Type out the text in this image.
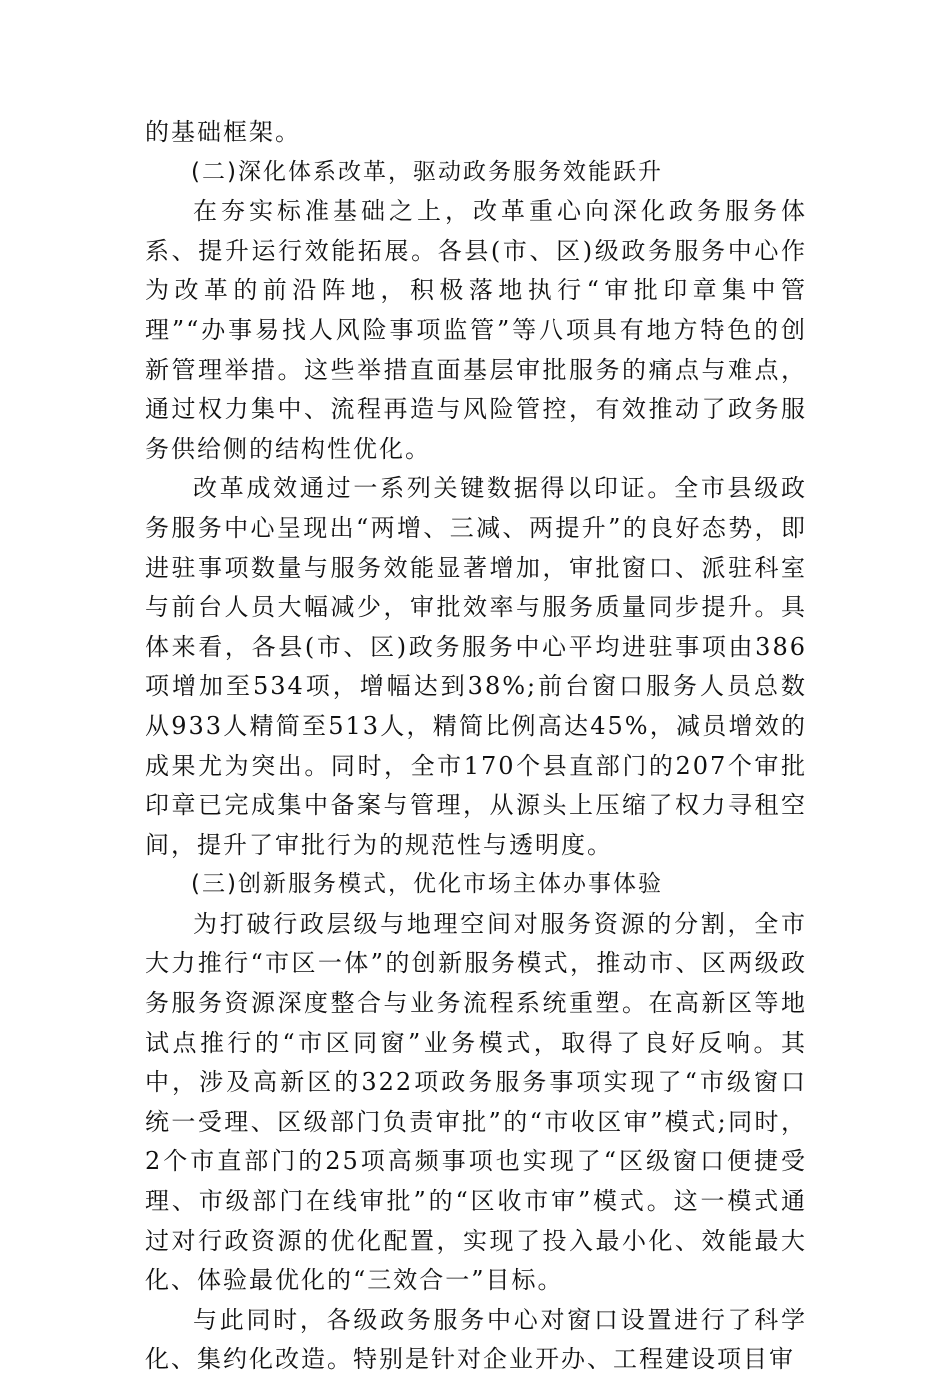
的基础框架。

(二)深化体系改革，驱动政务服务效能跃升

在夯实标准基础之上，改革重心向深化政务服务体系、提升运行效能拓展。各县(市、区)级政务服务中心作为改革的前沿阵地，积极落地执行“审批印章集中管理”“办事易找人风险事项监管”等八项具有地方特色的创新管理举措。这些举措直面基层审批服务的痛点与难点，通过权力集中、流程再造与风险管控，有效推动了政务服务供给侧的结构性优化。

改革成效通过一系列关键数据得以印证。全市县级政务服务中心呈现出“两增、三减、两提升”的良好态势，即进驻事项数量与服务效能显著增加，审批窗口、派驻科室与前台人员大幅减少，审批效率与服务质量同步提升。具体来看，各县(市、区)政务服务中心平均进驻事项由386项增加至534项，增幅达到38%;前台窗口服务人员总数从933人精简至513人，精简比例高达45%，减员增效的成果尤为突出。同时，全市170个县直部门的207个审批印章已完成集中备案与管理，从源头上压缩了权力寻租空间，提升了审批行为的规范性与透明度。

(三)创新服务模式，优化市场主体办事体验

为打破行政层级与地理空间对服务资源的分割，全市大力推行“市区一体”的创新服务模式，推动市、区两级政务服务资源深度整合与业务流程系统重塑。在高新区等地试点推行的“市区同窗”业务模式，取得了良好反响。其中，涉及高新区的322项政务服务事项实现了“市级窗口统一受理、区级部门负责审批”的“市收区审”模式;同时，2个市直部门的25项高频事项也实现了“区级窗口便捷受理、市级部门在线审批”的“区收市审”模式。这一模式通过对行政资源的优化配置，实现了投入最小化、效能最大化、体验最优化的“三效合一”目标。

与此同时，各级政务服务中心对窗口设置进行了科学化、集约化改造。特别是针对企业开办、工程建设项目审
